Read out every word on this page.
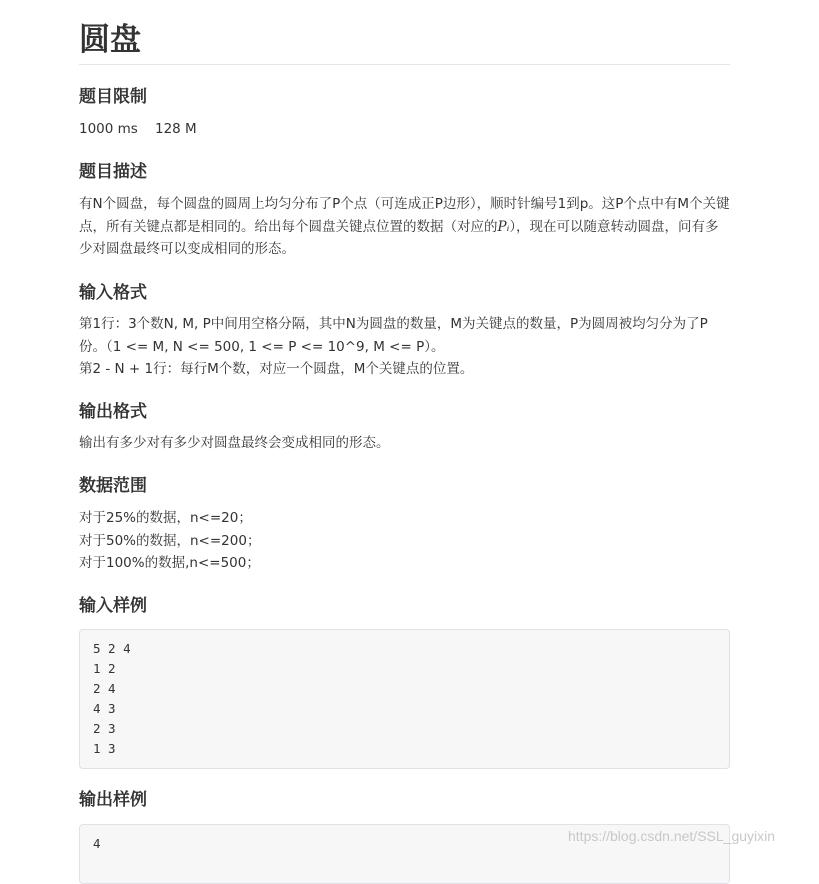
圆盘
题目限制

1000 ms    128 M

题目描述

有N个圆盘，每个圆盘的圆周上均匀分布了P个点（可连成正P边形），顺时针编号1到p。这P个点中有M个关键点，所有关键点都是相同的。给出每个圆盘关键点位置的数据（对应的Pᵢ），现在可以随意转动圆盘，问有多少对圆盘最终可以变成相同的形态。

输入格式

第1行：3个数N, M, P中间用空格分隔，其中N为圆盘的数量，M为关键点的数量，P为圆周被均匀分为了P份。（1 <= M, N <= 500, 1 <= P <= 10^9, M <= P）。
第2 - N + 1行：每行M个数，对应一个圆盘，M个关键点的位置。

输出格式

输出有多少对有多少对圆盘最终会变成相同的形态。

数据范围

对于25%的数据，n<=20；
对于50%的数据，n<=200；
对于100%的数据,n<=500；

输入样例
5 2 4
1 2
2 4
4 3
2 3
1 3
输出样例
4	https://blog.csdn.net/SSL_guyixin
